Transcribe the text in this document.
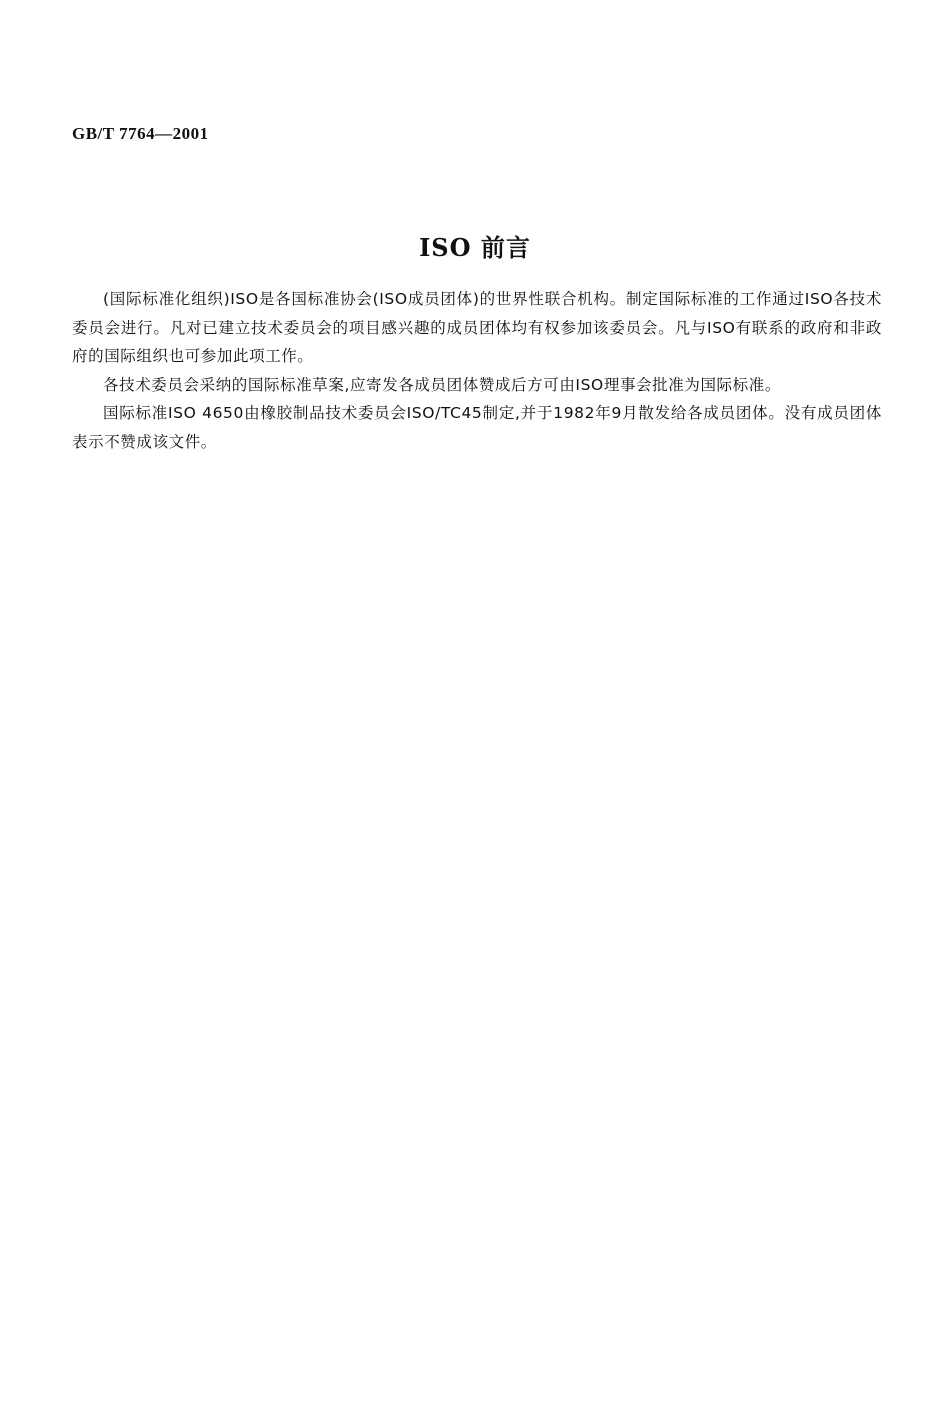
GB/T 7764—2001
ISO 前言

(国际标准化组织)ISO是各国标准协会(ISO成员团体)的世界性联合机构。制定国际标准的工作通过ISO各技术委员会进行。凡对已建立技术委员会的项目感兴趣的成员团体均有权参加该委员会。凡与ISO有联系的政府和非政府的国际组织也可参加此项工作。

各技术委员会采纳的国际标准草案,应寄发各成员团体赞成后方可由ISO理事会批准为国际标准。

国际标准ISO 4650由橡胶制品技术委员会ISO/TC45制定,并于1982年9月散发给各成员团体。没有成员团体表示不赞成该文件。
